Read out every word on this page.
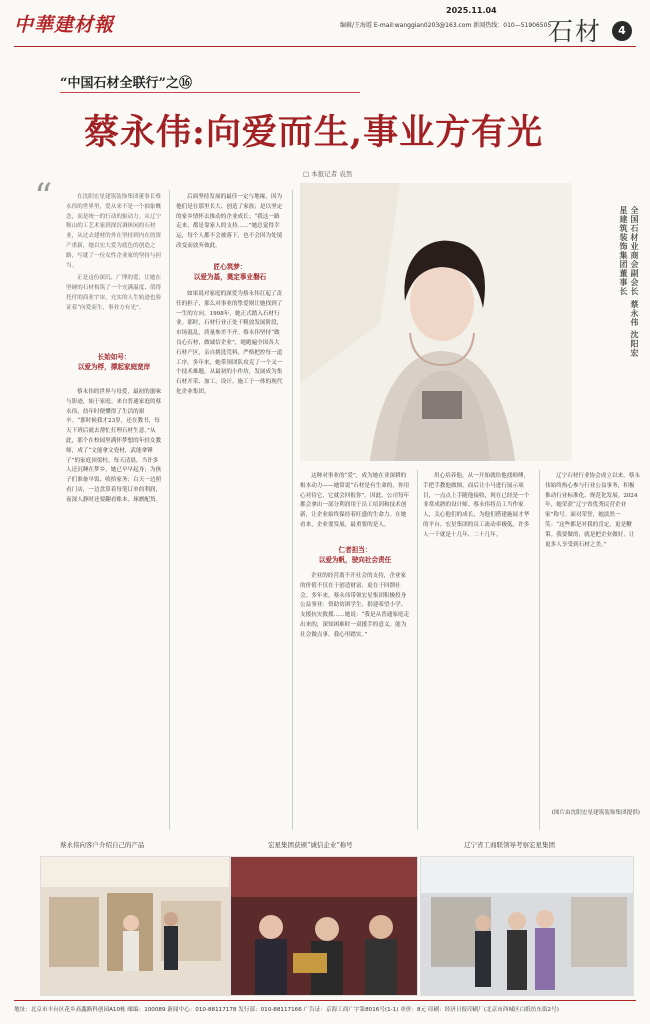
中華建材報
2025.11.04
编辑/王海霞 E-mail:wanggian0203@163.com 新闻热线：010—51906505
石材	4
“中国石材全联行”之⑯
蔡永伟:向爱而生,事业方有光
□ 本报记者 袁然
“	在沈阳宏星建筑装饰集团董事长蔡永伟的世界里，爱从来不是一个抽象概念，而是统一的行动的驱动力。从辽宁鞍山的工艺术家到深沉调休闲的石材业，从过去建材的外在坚持到内在的资产重新，她以宏大爱为底色的创造之路，写就了一位女性企业家的坚持与担当。

正是这份深沉、广博的爱，让她在坚硬的石材构筑了一个充满温度、值得托付的商业宇宙，充实的人生轨迹也验证着“向爱而生，事业方有光”。

长始如号：
以爱为桴，撑起家庭宽岸
蔡永伟的世界与母爱，最初的滋味与影迹，始于家庭。来自普通家庭的蔡永伟，幼年时便懂得了生活的艰辛。“那时候我才23岁，还在教书，每天下班后就去帮忙打理石材生意。”从此，那个在校园里满怀梦想的年轻女教师，成了“文能拿文瓷材，武能拿锤子”的家庭顶梁柱。每天清晨，当许多人还沉睡在梦乡，她已早早起身；为孩子们准备早饭、收拾家务；白天一边照看门店，一边盘算着每笔订单的利润，夜深人静时还要翻看账本、琢磨配货。
后面坚持发展的最佳一定与地缘，因为他们是在那里长大、创造了家族；是以坚定的家乡情怀去推动的企业成长；“我这一路走来，都是靠家人的支持……”她总觉得幸运，每个人都不会被落下，也不会因为处境改变而放弃彼此。
匠心筑梦：
以爱为基，奠定事业磐石
如果说对家庭的深爱为蔡永伟扛起了责任的担子，那么对事业的挚爱则让她找到了一生的方向。1998年，她正式踏入石材行业。那时，石材行业正处于粗放发展阶段，市场混乱，质量参差不齐。蔡永伟坚持“做良心石材，做诚信企业”，她跑遍全国各大石材产区，亲自挑选荒料，严格把控每一道工序。多年来，她带领团队攻克了一个又一个技术难题，从最初的小作坊，发展成为集石材开采、加工、设计、施工于一体的现代化企业集团。
全国石材业商会副会长 蔡永伟 沈阳宏星建筑装饰集团董事长
这种对事业的“爱”，成为她在业深耕的根本动力——她常说“石材是有生命的，你用心对待它，它就会回报你”。因此，公司每年都会拿出一部分利润用于员工培训和技术创新，让企业始终保持着旺盛的生命力。在她看来，企业要发展，最重要的是人。
仁者担当：
以爱为帆，驶向社会责任
企业的经营离不开社会的支持，企业家的价值不仅在于创造财富，更在于回馈社会。多年来，蔡永伟带领宏星集团积极投身公益事业：资助贫困学生、捐建希望小学、支援抗灾救援……她说：“我是从普通家庭走出来的，深知困难时一双援手的意义。能为社会做点事，我心里踏实。”
用心培养他，从一开始就给他找师傅，手把手教他做图。而后让小马进行展示项目，一点点上手随他接收，现在已经是一个非常成熟的设计师。蔡永伟将员工当作家人，关心他们的成长，为他们搭建施展才华的平台。宏星集团的员工流动率极低，许多人一干就是十几年、二十几年。
辽宁石材行业协会成立以来，蔡永伟始终热心参与行业公益事务，积极推动行业标准化、规范化发展。2024年，她荣获“辽宁省优秀民营企业家”称号。面对荣誉，她淡然一笑：“这些都是对我的肯定，更是鞭策。我要做的，就是把企业做好，让更多人享受到石材之美。”
(图片由沈阳宏星建筑装饰集团提供)
蔡永伟向客户介绍自己的产品	宏星集团获颁“诚信企业”称号	辽宁省工商联领导考察宏星集团
地址：北京市丰台区花乡高鑫路科创园A10栋 邮编：100089 新闻中心：010-88117178 发行部：010-88117166 广告证：京海工商广字第8016号(1-1) 单价：8元 印刷：经济日报印刷厂(北京市西城区白纸坊东街2号)
